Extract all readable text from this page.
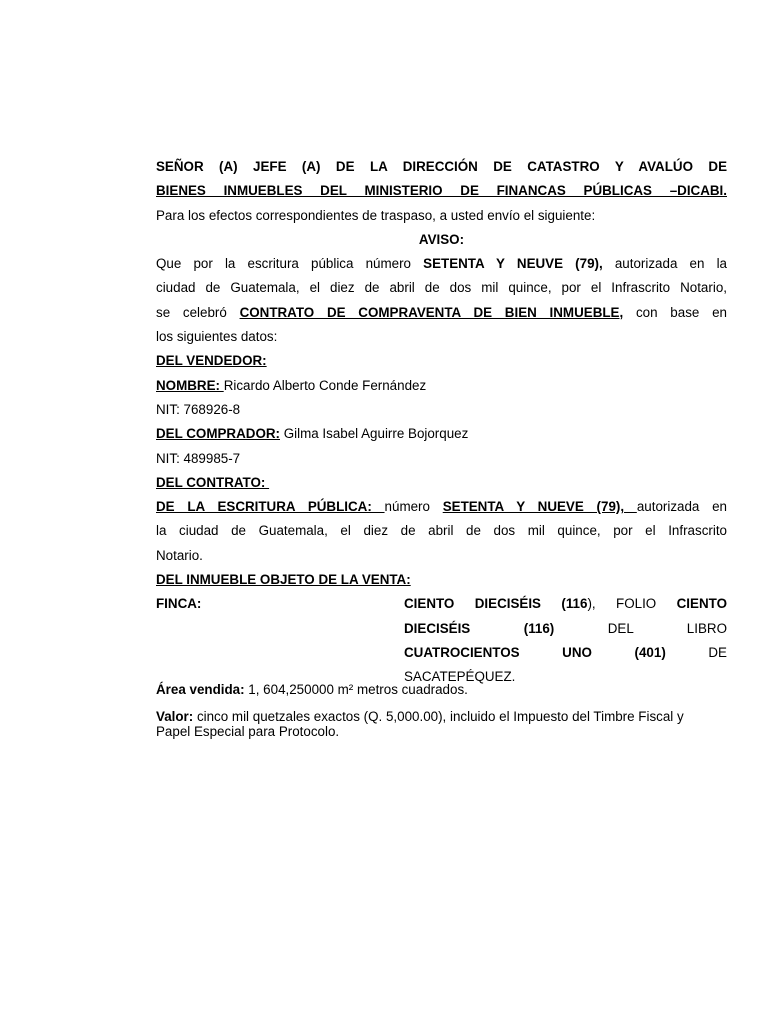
SEÑOR (A) JEFE (A) DE LA DIRECCIÓN DE CATASTRO Y AVALÚO DE
BIENES INMUEBLES DEL MINISTERIO DE FINANCAS PÚBLICAS –DICABI.
Para los efectos correspondientes de traspaso, a usted envío el siguiente:
AVISO:
Que por la escritura pública número SETENTA Y NEUVE (79), autorizada en la
ciudad de Guatemala, el diez de abril de dos mil quince, por el Infrascrito Notario,
se celebró CONTRATO DE COMPRAVENTA DE BIEN INMUEBLE, con base en
los siguientes datos:
DEL VENDEDOR:
NOMBRE: Ricardo Alberto Conde Fernández
NIT: 768926-8
DEL COMPRADOR: Gilma Isabel Aguirre Bojorquez
NIT: 489985-7
DEL CONTRATO:
DE LA ESCRITURA PÚBLICA: número SETENTA Y NUEVE (79), autorizada en
la ciudad de Guatemala, el diez de abril de dos mil quince, por el Infrascrito
Notario.
DEL INMUEBLE OBJETO DE LA VENTA:
FINCA:	CIENTO DIECISÉIS (116), FOLIO CIENTO
DIECISÉIS (116) DEL LIBRO
CUATROCIENTOS UNO (401) DE
SACATEPÉQUEZ.
Área vendida: 1, 604,250000 m² metros cuadrados.
Valor: cinco mil quetzales exactos (Q. 5,000.00), incluido el Impuesto del Timbre Fiscal y Papel Especial para Protocolo.
